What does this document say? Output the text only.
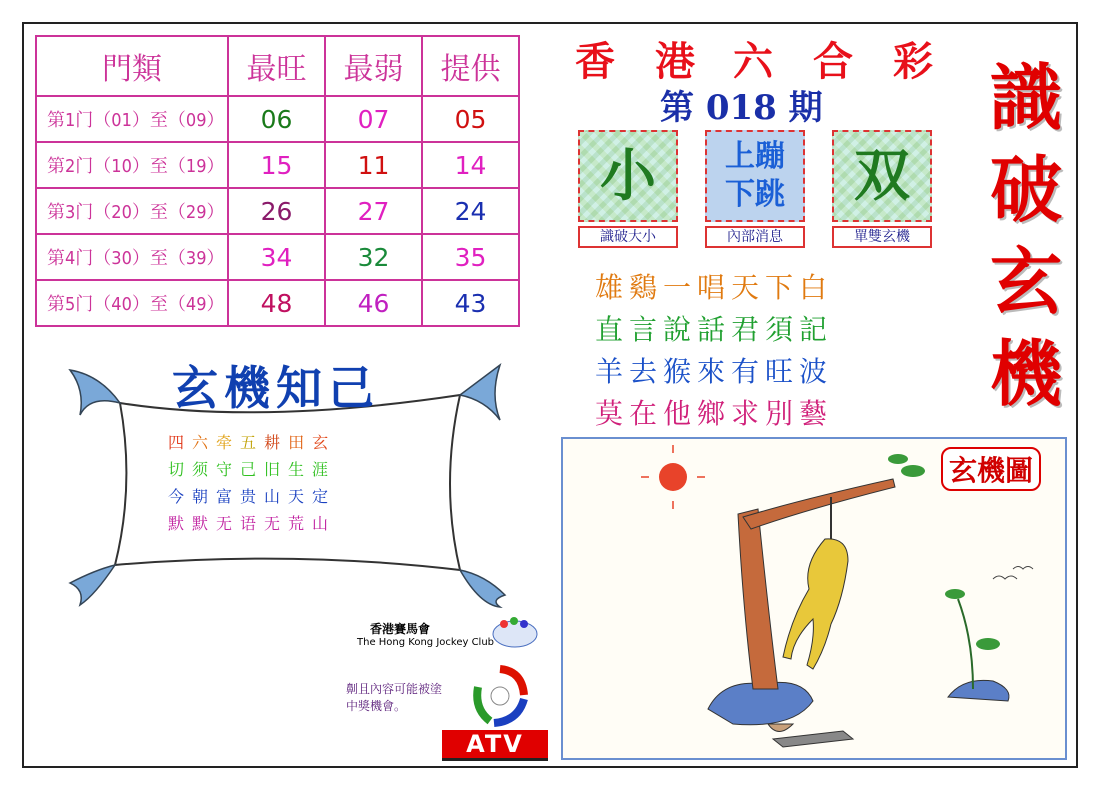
門類	最旺	最弱	提供
第1门（01）至（09）	06	07	05
第2门（10）至（19）	15	11	14
第3门（20）至（29）	26	27	24
第4门（30）至（39）	34	32	35
第5门（40）至（49）	48	46	43
香 港 六 合 彩
第 018 期 識
破
玄
機
小
識破大小
上蹦
下跳
內部消息
双
單雙玄機
雄鷄一唱天下白
直言說話君須記
羊去猴來有旺波
莫在他鄉求別藝
玄機知己
四六牵五耕田玄
切须守己旧生涯
今朝富贵山天定
默默无语无荒山
香港賽馬會
The Hong Kong Jockey Club
劓且內容可能被塗
中獎機會。
ATV
玄機圖
